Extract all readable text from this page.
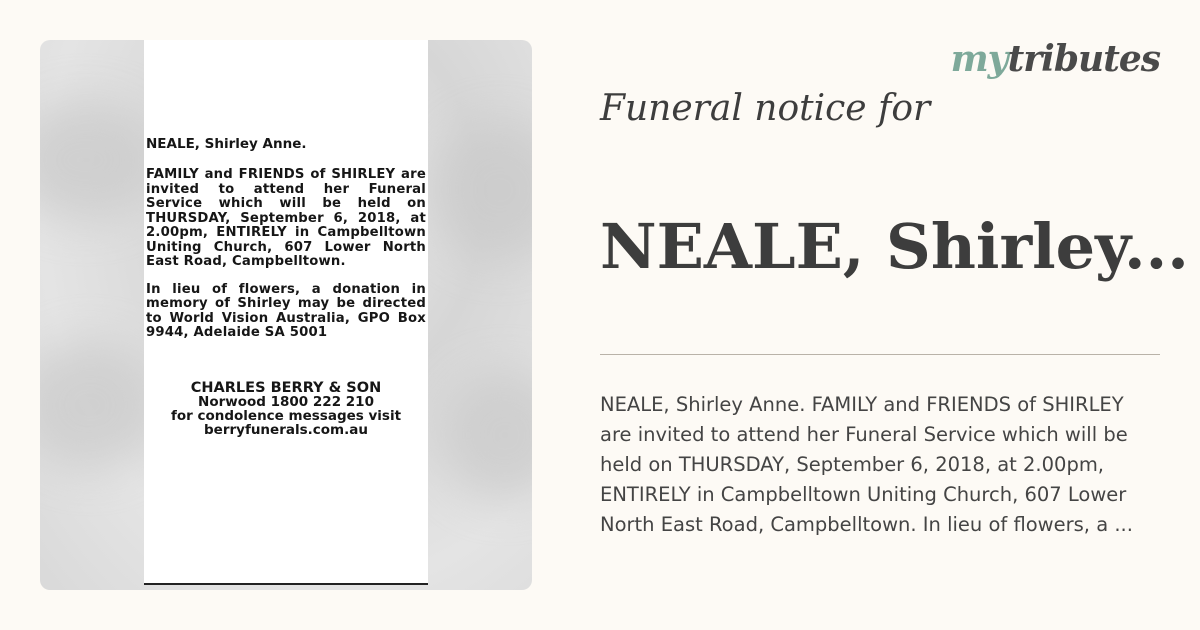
NEALE, Shirley Anne.
FAMILY and FRIENDS of SHIRLEY are invited to attend her Funeral Service which will be held on THURSDAY, September 6, 2018, at 2.00pm, ENTIRELY in Campbelltown Uniting Church, 607 Lower North East Road, Campbelltown.
In lieu of flowers, a donation in memory of Shirley may be directed to World Vision Australia, GPO Box 9944, Adelaide SA 5001
CHARLES BERRY & SON
Norwood 1800 222 210
for condolence messages visit
berryfunerals.com.au
mytributes
Funeral notice for
NEALE, Shirley...
NEALE, Shirley Anne. FAMILY and FRIENDS of SHIRLEY are invited to attend her Funeral Service which will be held on THURSDAY, September 6, 2018, at 2.00pm, ENTIRELY in Campbelltown Uniting Church, 607 Lower North East Road, Campbelltown. In lieu of flowers, a ...
